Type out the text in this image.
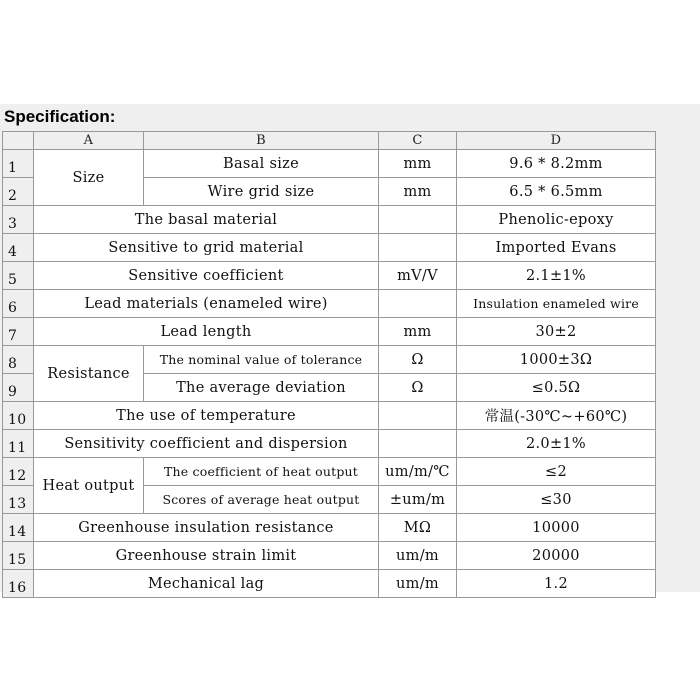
Specification:
	A	B	C	D
1	Size	Basal size	mm	9.6 * 8.2mm
2		Wire grid size	mm	6.5 * 6.5mm
3	The basal material			Phenolic-epoxy
4	Sensitive to grid material			Imported Evans
5	Sensitive coefficient		mV/V	2.1±1%
6	Lead materials (enameled wire)			Insulation enameled wire
7	Lead length		mm	30±2
8	Resistance	The nominal value of tolerance	Ω	1000±3Ω
9		The average deviation	Ω	≤0.5Ω
10	The use of temperature			常温(-30℃~+60℃)
11	Sensitivity coefficient and dispersion			2.0±1%
12	Heat output	The coefficient of heat output	um/m/℃	≤2
13		Scores of average heat output	±um/m	≤30
14	Greenhouse insulation resistance		MΩ	10000
15	Greenhouse strain limit		um/m	20000
16	Mechanical lag		um/m	1.2
